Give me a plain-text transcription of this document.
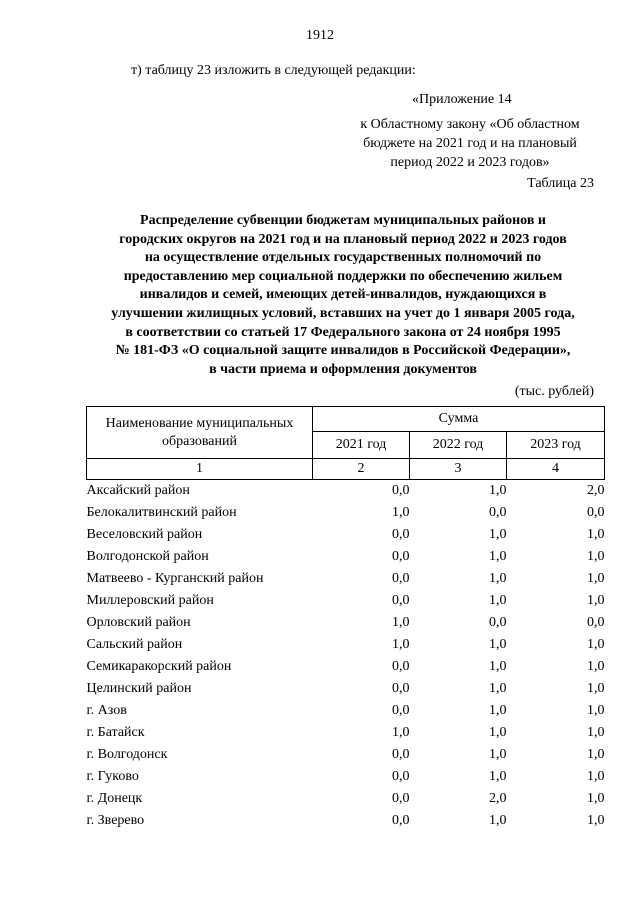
1912
т) таблицу 23 изложить в следующей редакции:
«Приложение 14
к Областному закону «Об областном
бюджете на 2021 год и на плановый
период 2022 и 2023 годов»
Таблица 23
Распределение субвенции бюджетам муниципальных районов и
городских округов на 2021 год и на плановый период 2022 и 2023 годов
на осуществление отдельных государственных полномочий по
предоставлению мер социальной поддержки по обеспечению жильем
инвалидов и семей, имеющих детей-инвалидов, нуждающихся в
улучшении жилищных условий, вставших на учет до 1 января 2005 года,
в соответствии со статьей 17 Федерального закона от 24 ноября 1995
№ 181-ФЗ «О социальной защите инвалидов в Российской Федерации»,
в части приема и оформления документов
(тыс. рублей)
Наименование муниципальных
образований	Сумма		
	2021 год	2022 год	2023 год
1	2	3	4
Аксайский район	0,0	1,0	2,0
Белокалитвинский район	1,0	0,0	0,0
Веселовский район	0,0	1,0	1,0
Волгодонской район	0,0	1,0	1,0
Матвеево - Курганский район	0,0	1,0	1,0
Миллеровский район	0,0	1,0	1,0
Орловский район	1,0	0,0	0,0
Сальский район	1,0	1,0	1,0
Семикаракорский район	0,0	1,0	1,0
Целинский район	0,0	1,0	1,0
г. Азов	0,0	1,0	1,0
г. Батайск	1,0	1,0	1,0
г. Волгодонск	0,0	1,0	1,0
г. Гуково	0,0	1,0	1,0
г. Донецк	0,0	2,0	1,0
г. Зверево	0,0	1,0	1,0
